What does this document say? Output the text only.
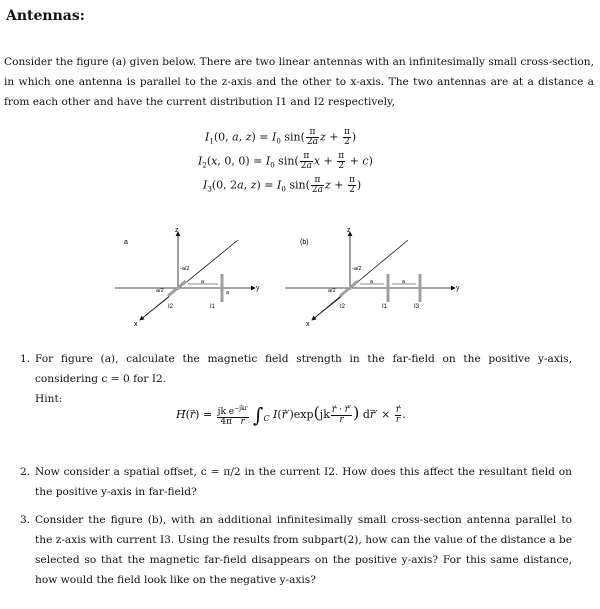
Antennas:
Consider the figure (a) given below. There are two linear antennas with an infinitesimally small cross-section, in which one antenna is parallel to the z-axis and the other to x-axis. The two antennas are at a distance a from each other and have the current distribution I1 and I2 respectively,
$I_1(0$, a, $z) = I_0$ $\sin( \frac{\pi}{2a}$ $z + \frac{\pi}{2}$ )
$I_2(x$, 0, $0) = I_0$ $\sin( \frac{\pi}{2a}$ $x + \frac{\pi}{2} + c$)
$I_3(0$, 2a, $z) = I_0$ $\sin( \frac{\pi}{2a}$ $z + \frac{\pi}{2}$ )
a
z
y
x
a
a
-a/2
a/2
I2	I1
(b)
z
y
x
a	a
-a/2
a/2
I2	I1	I3
1. For figure (a), calculate the magnetic field strength in the far-field on the positive y-axis, considering c = 0 for I2.
Hint:
H⃗(r⃗) = $\frac{jk e^{-jkr}}{\text{4π   r}} \int_C$ I(r⃗′)exp(jk $\frac{r⃗ \cdot r⃗'}{r}$ ) dr⃗′ × $\frac{r}{r}$ .
2. Now consider a spatial offset, c = π/2 in the current I2. How does this affect the resultant field on the positive y-axis in far-field?
3. Consider the figure (b), with an additional infinitesimally small cross-section antenna parallel to the z-axis with current I3. Using the results from subpart(2), how can the value of the distance a be selected so that the magnetic far-field disappears on the positive y-axis? For this same distance, how would the field look like on the negative y-axis?
